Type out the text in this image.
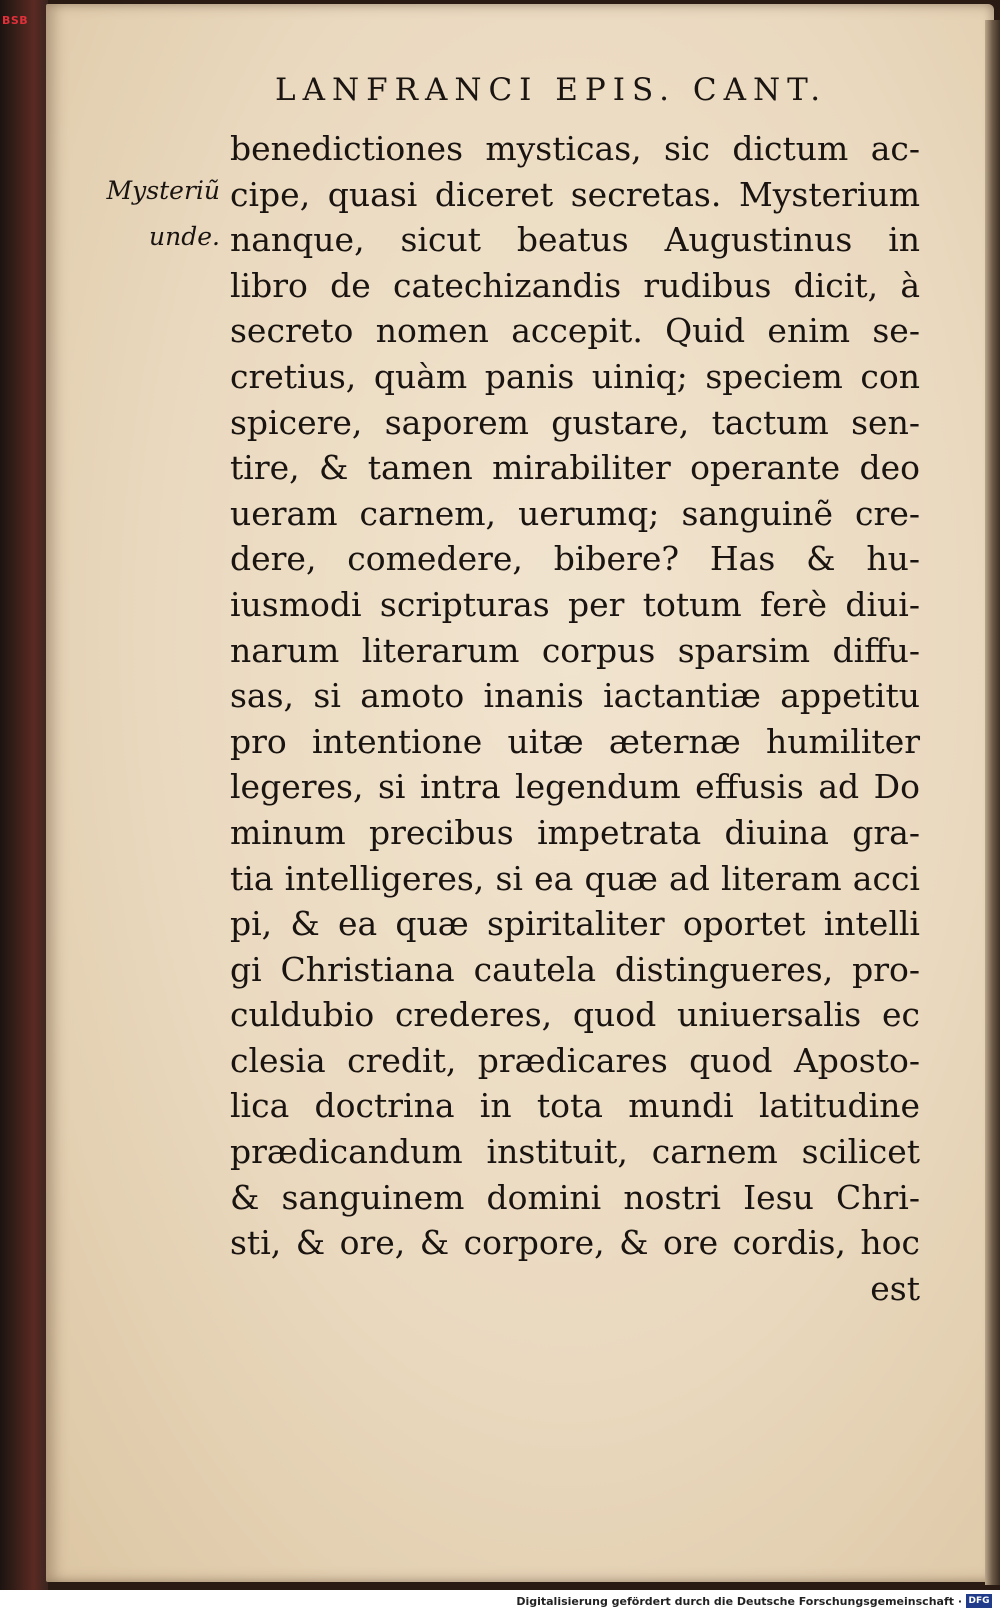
BSB
LANFRANCI EPIS. CANT.
Mysteriũ
unde.
benedictiones mysticas, sic dictum ac-
cipe, quasi diceret secretas. Mysterium
nanque, sicut beatus Augustinus in
libro de catechizandis rudibus dicit, à
secreto nomen accepit. Quid enim se-
cretius, quàm panis uiniq; speciem con
spicere, saporem gustare, tactum sen-
tire, & tamen mirabiliter operante deo
ueram carnem, uerumq; sanguinẽ cre-
dere, comedere, bibere? Has & hu-
iusmodi scripturas per totum ferè diui-
narum literarum corpus sparsim diffu-
sas, si amoto inanis iactantiæ appetitu
pro intentione uitæ æternæ humiliter
legeres, si intra legendum effusis ad Do
minum precibus impetrata diuina gra-
tia intelligeres, si ea quæ ad literam acci
pi, & ea quæ spiritaliter oportet intelli
gi Christiana cautela distingueres, pro-
culdubio crederes, quod uniuersalis ec
clesia credit, prædicares quod Aposto-
lica doctrina in tota mundi latitudine
prædicandum instituit, carnem scilicet
& sanguinem domini nostri Iesu Chri-
sti, & ore, & corpore, & ore cordis, hoc
est
Digitalisierung gefördert durch die Deutsche Forschungsgemeinschaft · DFG
